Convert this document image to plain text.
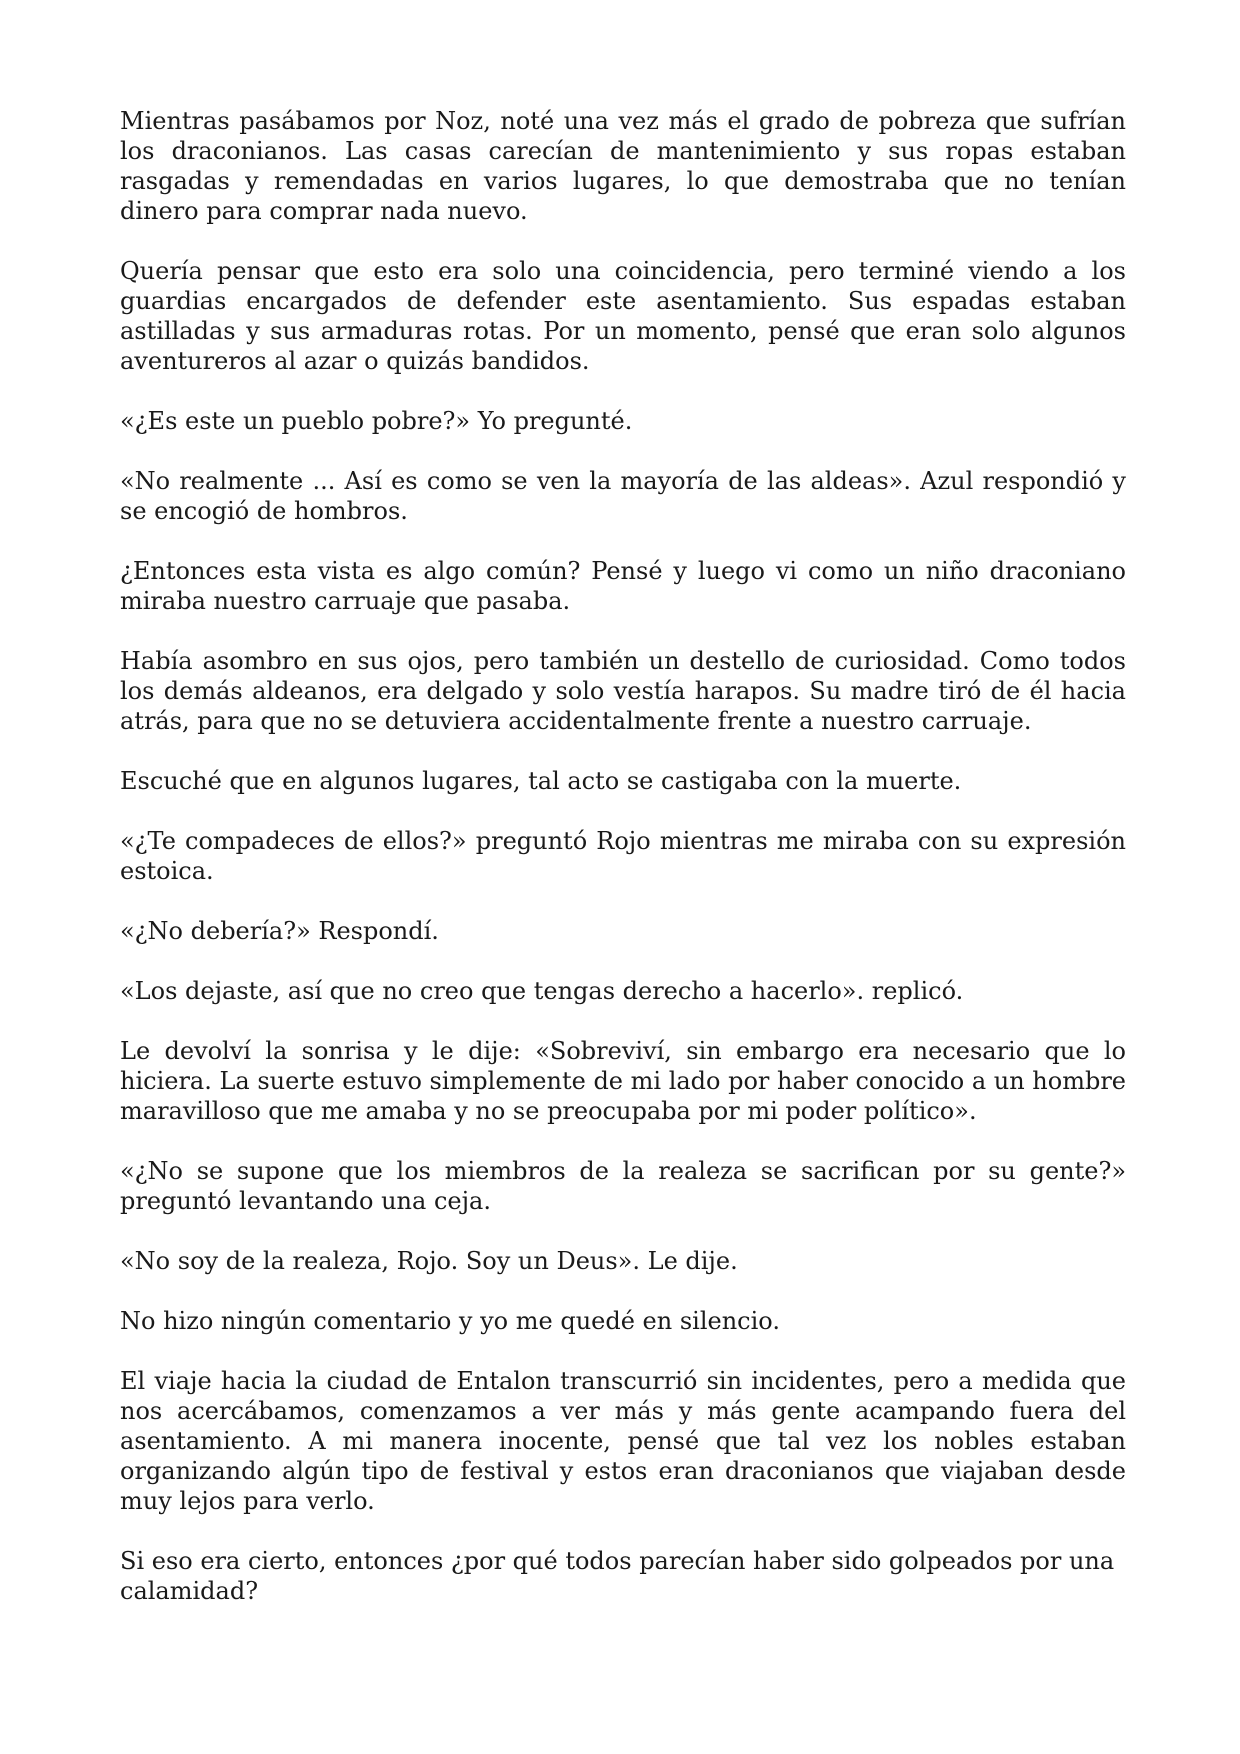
Mientras pasábamos por Noz, noté una vez más el grado de pobreza que sufrían los draconianos. Las casas carecían de mantenimiento y sus ropas estaban rasgadas y remendadas en varios lugares, lo que demostraba que no tenían dinero para comprar nada nuevo.

Quería pensar que esto era solo una coincidencia, pero terminé viendo a los guardias encargados de defender este asentamiento. Sus espadas estaban astilladas y sus armaduras rotas. Por un momento, pensé que eran solo algunos aventureros al azar o quizás bandidos.

«¿Es este un pueblo pobre?» Yo pregunté.

«No realmente ... Así es como se ven la mayoría de las aldeas». Azul respondió y se encogió de hombros.

¿Entonces esta vista es algo común? Pensé y luego vi como un niño draconiano miraba nuestro carruaje que pasaba.

Había asombro en sus ojos, pero también un destello de curiosidad. Como todos los demás aldeanos, era delgado y solo vestía harapos. Su madre tiró de él hacia atrás, para que no se detuviera accidentalmente frente a nuestro carruaje.

Escuché que en algunos lugares, tal acto se castigaba con la muerte.

«¿Te compadeces de ellos?» preguntó Rojo mientras me miraba con su expresión estoica.

«¿No debería?» Respondí.

«Los dejaste, así que no creo que tengas derecho a hacerlo». replicó.

Le devolví la sonrisa y le dije: «Sobreviví, sin embargo era necesario que lo hiciera. La suerte estuvo simplemente de mi lado por haber conocido a un hombre maravilloso que me amaba y no se preocupaba por mi poder político».

«¿No se supone que los miembros de la realeza se sacrifican por su gente?» preguntó levantando una ceja.

«No soy de la realeza, Rojo. Soy un Deus». Le dije.

No hizo ningún comentario y yo me quedé en silencio.

El viaje hacia la ciudad de Entalon transcurrió sin incidentes, pero a medida que nos acercábamos, comenzamos a ver más y más gente acampando fuera del asentamiento. A mi manera inocente, pensé que tal vez los nobles estaban organizando algún tipo de festival y estos eran draconianos que viajaban desde muy lejos para verlo.

Si eso era cierto, entonces ¿por qué todos parecían haber sido golpeados por una calamidad?
